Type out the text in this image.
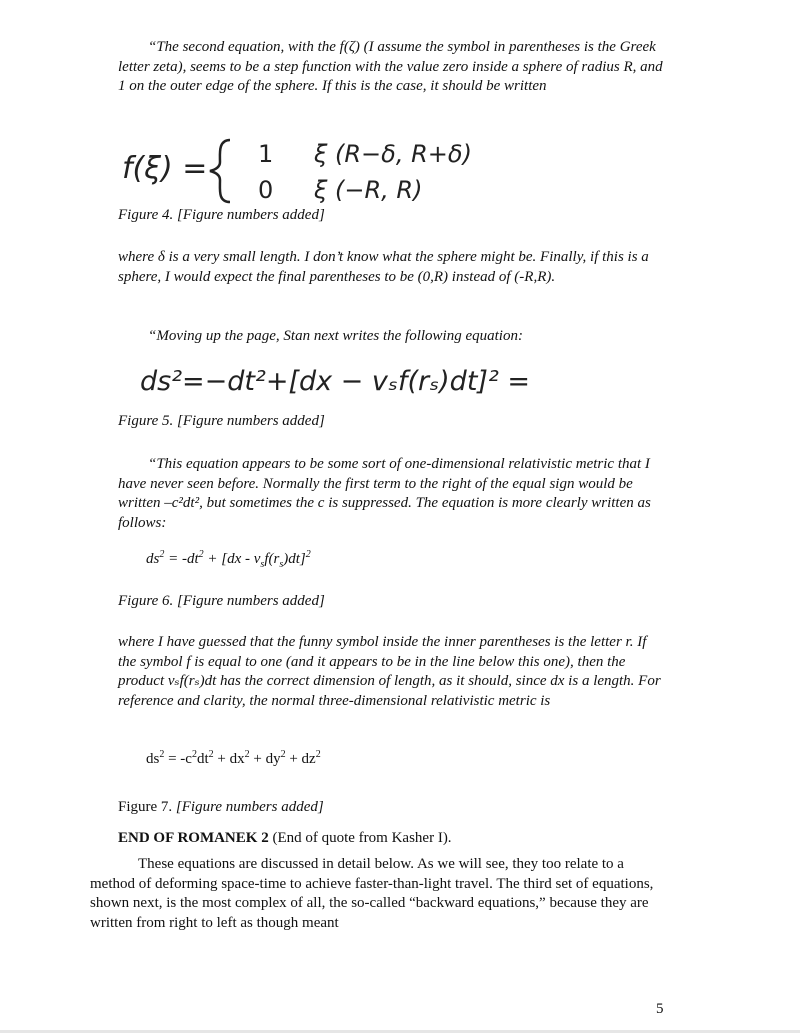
“The second equation, with the f(ζ) (I assume the symbol in parentheses is the Greek letter zeta), seems to be a step function with the value zero inside a sphere of radius R, and 1 on the outer edge of the sphere. If this is the case, it should be written

f(ξ) = 1 ξ (R−δ, R+δ)
0 ξ (−R, R)

Figure 4. [Figure numbers added]

where δ is a very small length. I don’t know what the sphere might be. Finally, if this is a sphere, I would expect the final parentheses to be (0,R) instead of (-R,R).

“Moving up the page, Stan next writes the following equation:

ds²=−dt²+[dx − vₛf(rₛ)dt]² =

Figure 5. [Figure numbers added]

“This equation appears to be some sort of one-dimensional relativistic metric that I have never seen before. Normally the first term to the right of the equal sign would be written –c²dt², but sometimes the c is suppressed. The equation is more clearly written as follows:

$ds^2 = -dt^2 + [dx - v_sf(r_s)dt]^2$

Figure 6. [Figure numbers added]

where I have guessed that the funny symbol inside the inner parentheses is the letter r. If the symbol f is equal to one (and it appears to be in the line below this one), then the product vₛf(rₛ)dt has the correct dimension of length, as it should, since dx is a length. For reference and clarity, the normal three-dimensional relativistic metric is

$ds^2 = -c^2dt^2 + dx^2 + dy^2 + dz^2$

Figure 7. [Figure numbers added]

END OF ROMANEK 2 (End of quote from Kasher I).

These equations are discussed in detail below. As we will see, they too relate to a method of deforming space-time to achieve faster-than-light travel. The third set of equations, shown next, is the most complex of all, the so-called “backward equations,” because they are written from right to left as though meant

5
